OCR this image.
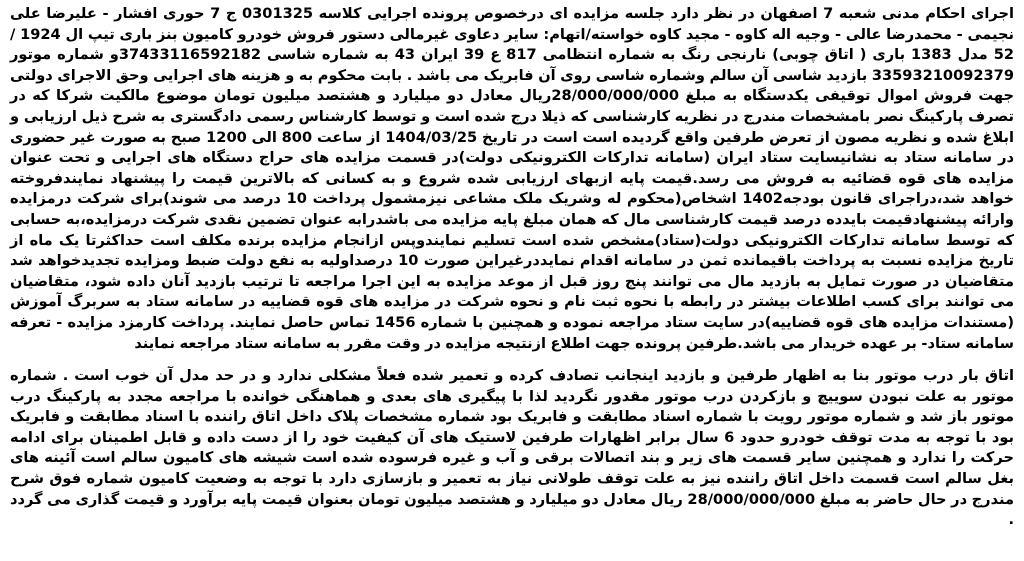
اجرای احکام مدنی شعبه 7 اصفهان در نظر دارد جلسه مزایده ای درخصوص پرونده اجرایی کلاسه 0301325 ج 7 حوری افشار - علیرضا علی نجیمی - محمدرضا عالی - وجیه اله کاوه - مجید کاوه خواسته/اتهام: سایر دعاوی غیرمالی دستور فروش خودرو کامیون بنز باری تیپ ال 1924 / 52 مدل 1383 باری ( اتاق چوبی) نارنجی رنگ به شماره انتظامی 817 ع 39 ایران 43 به شماره شاسی 37433116592182و شماره موتور 33593210092379 بازدید شاسی آن سالم وشماره شاسی روی آن فابریک می باشد . بابت محکوم به و هزینه های اجرایی وحق الاجرای دولتی جهت فروش اموال توقیفی یکدستگاه به مبلغ 28/000/000/000ریال معادل دو میلیارد و هشتصد میلیون تومان موضوع مالکیت شرکا که در تصرف پارکینگ نصر بامشخصات مندرج در نظریه کارشناسی که ذیلا درج شده است و توسط کارشناس رسمی دادگستری به شرح ذیل ارزیابی و ابلاغ شده و نظریه مصون از تعرض طرفین واقع گردیده است است در تاریخ 1404/03/25 از ساعت 800 الی 1200 صبح به صورت غیر حضوری در سامانه ستاد به نشانیسایت ستاد ایران (سامانه تدارکات الکترونیکی دولت)در قسمت مزایده های حراج دستگاه های اجرایی و تحت عنوان مزایده های قوه قضائیه به فروش می رسد.قیمت پایه ازبهای ارزیابی شده شروع و به کسانی که بالاترین قیمت را پیشنهاد نمایندفروخته خواهد شد،دراجرای قانون بودجه1402 اشخاص(محکوم له وشریک ملک مشاعی نیزمشمول پرداخت 10 درصد می شوند)برای شرکت درمزایده وارائه پیشنهادقیمت بایدده درصد قیمت کارشناسی مال که همان مبلغ پایه مزایده می باشدرابه عنوان تضمین نقدی شرکت درمزایده،به حسابی که توسط سامانه تدارکات الکترونیکی دولت(ستاد)مشخص شده است تسلیم نمایندوپس ازانجام مزایده برنده مکلف است حداکثرتا یک ماه از تاریخ مزایده نسبت به پرداخت باقیمانده ثمن در سامانه اقدام نمایددرغیراین صورت 10 درصداولیه به نفع دولت ضبط ومزایده تجدیدخواهد شد متقاضیان در صورت تمایل به بازدید مال می توانند پنج روز قبل از موعد مزایده به این اجرا مراجعه تا ترتیب بازدید آنان داده شود، متقاضیان می توانند برای کسب اطلاعات بیشتر در رابطه با نحوه ثبت نام و نحوه شرکت در مزایده های قوه قضاییه در سامانه ستاد به سربرگ آموزش (مستندات مزایده های قوه قضاییه)در سایت ستاد مراجعه نموده و همچنین با شماره 1456 تماس حاصل نمایند. پرداخت کارمزد مزایده - تعرفه سامانه ستاد- بر عهده خریدار می باشد.طرفین پرونده جهت اطلاع ازنتیجه مزایده در وقت مقرر به سامانه ستاد مراجعه نمایند

اتاق بار درب موتور بنا به اظهار طرفین و بازدید اینجانب تصادف کرده و تعمیر شده فعلاً مشکلی ندارد و در حد مدل آن خوب است . شماره موتور به علت نبودن سوییچ و بازکردن درب موتور مقدور نگردید لذا با پیگیری های بعدی و هماهنگی خوانده با مراجعه مجدد به پارکینگ درب موتور باز شد و شماره موتور رویت با شماره اسناد مطابقت و فابریک بود شماره مشخصات پلاک داخل اتاق راننده با اسناد مطابقت و فابریک بود با توجه به مدت توقف خودرو حدود 6 سال برابر اظهارات طرفین لاستیک های آن کیفیت خود را از دست داده و قابل اطمینان برای ادامه حرکت را ندارد و همچنین سایر قسمت های زیر و بند اتصالات برقی و آب و غیره فرسوده شده است شیشه های کامیون سالم است آئینه های بغل سالم است قسمت داخل اتاق راننده نیز به علت توقف طولانی نیاز به تعمیر و بازسازی دارد با توجه به وضعیت کامیون شماره فوق شرح مندرج در حال حاضر به مبلغ 28/000/000/000 ریال معادل دو میلیارد و هشتصد میلیون تومان بعنوان قیمت پایه برآورد و قیمت گذاری می گردد .
